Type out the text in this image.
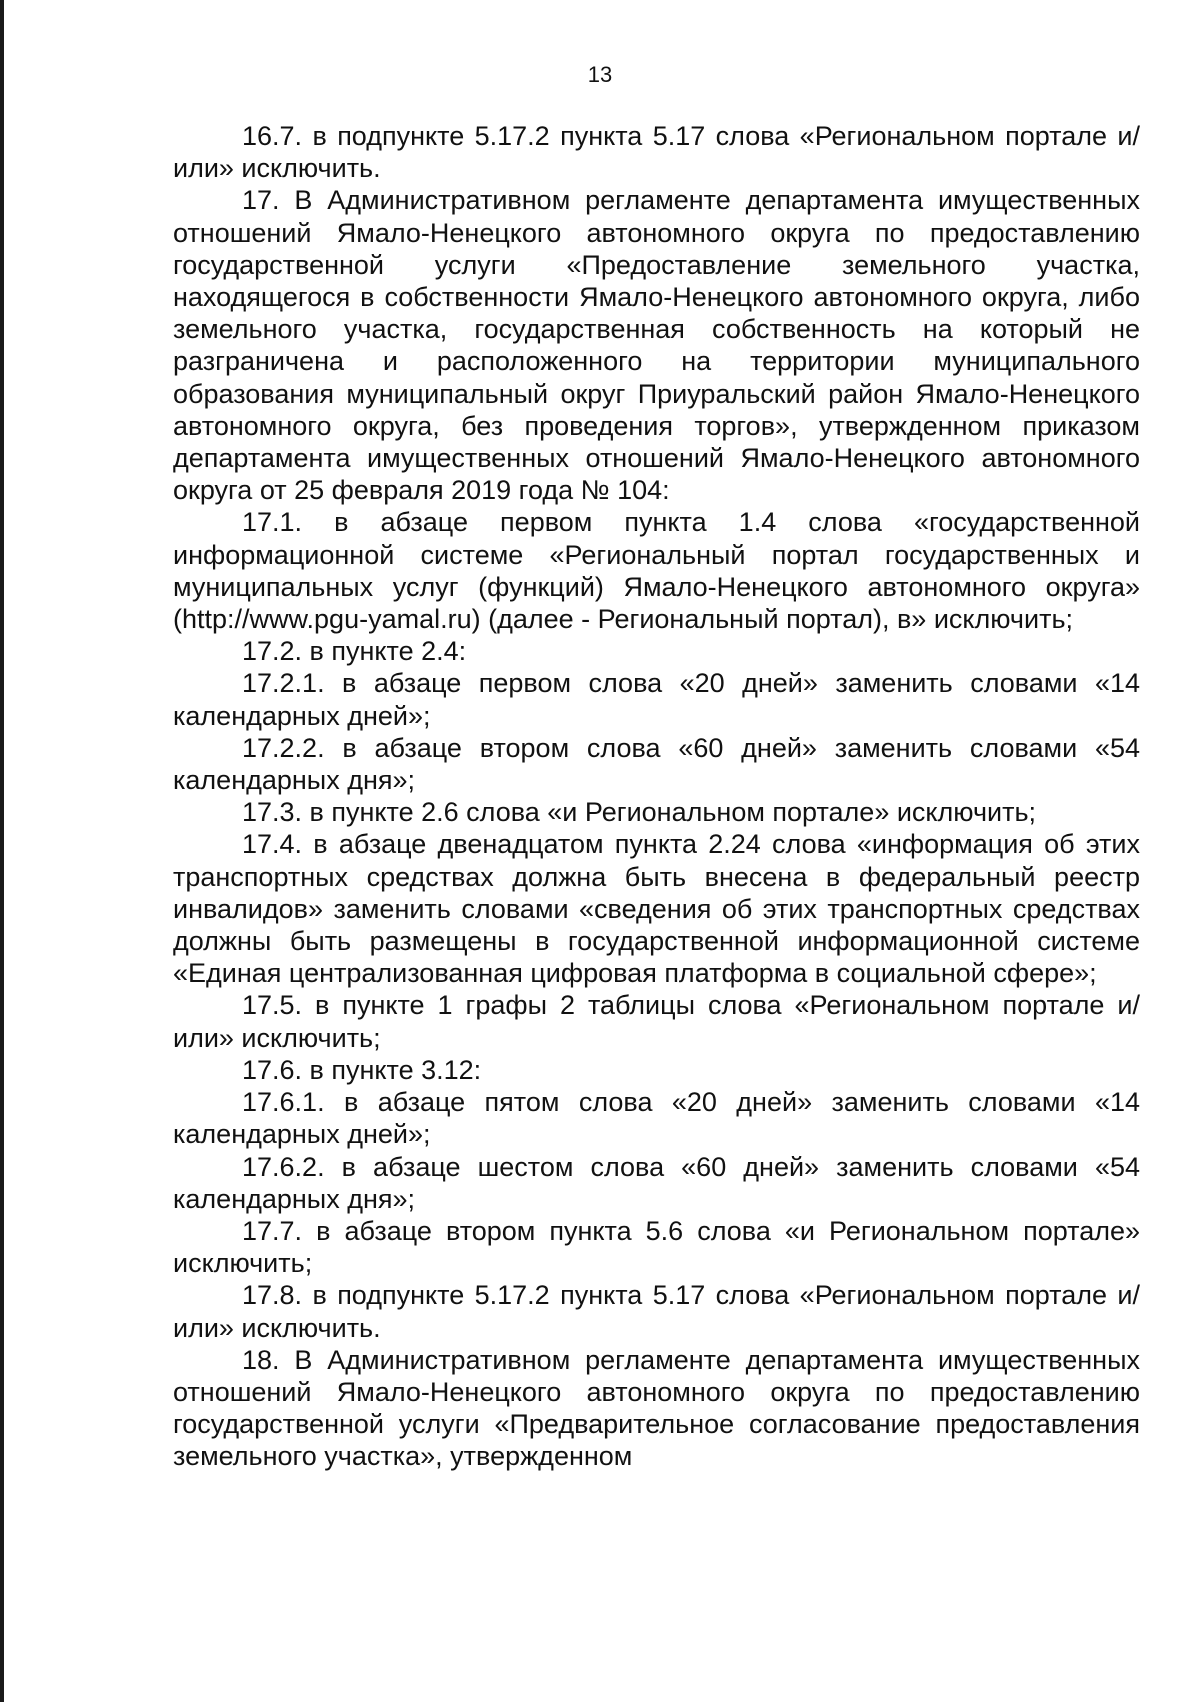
13

16.7. в подпункте 5.17.2 пункта 5.17 слова «Региональном портале и/или» исключить.

17. В Административном регламенте департамента имущественных отношений Ямало-Ненецкого автономного округа по предоставлению государственной услуги «Предоставление земельного участка, находящегося в собственности Ямало-Ненецкого автономного округа, либо земельного участка, государственная собственность на который не разграничена и расположенного на территории муниципального образования муниципальный округ Приуральский район Ямало-Ненецкого автономного округа, без проведения торгов», утвержденном приказом департамента имущественных отношений Ямало-Ненецкого автономного округа от 25 февраля 2019 года № 104:

17.1. в абзаце первом пункта 1.4 слова «государственной информационной системе «Региональный портал государственных и муниципальных услуг (функций) Ямало-Ненецкого автономного округа» (http://www.pgu-yamal.ru) (далее - Региональный портал), в» исключить;

17.2. в пункте 2.4:

17.2.1. в абзаце первом слова «20 дней» заменить словами «14 календарных дней»;

17.2.2. в абзаце втором слова «60 дней» заменить словами «54 календарных дня»;

17.3. в пункте 2.6 слова «и Региональном портале» исключить;

17.4. в абзаце двенадцатом пункта 2.24 слова «информация об этих транспортных средствах должна быть внесена в федеральный реестр инвалидов» заменить словами «сведения об этих транспортных средствах должны быть размещены в государственной информационной системе «Единая централизованная цифровая платформа в социальной сфере»;

17.5. в пункте 1 графы 2 таблицы слова «Региональном портале и/или» исключить;

17.6. в пункте 3.12:

17.6.1. в абзаце пятом слова «20 дней» заменить словами «14 календарных дней»;

17.6.2. в абзаце шестом слова «60 дней» заменить словами «54 календарных дня»;

17.7. в абзаце втором пункта 5.6 слова «и Региональном портале» исключить;

17.8. в подпункте 5.17.2 пункта 5.17 слова «Региональном портале и/или» исключить.

18. В Административном регламенте департамента имущественных отношений Ямало-Ненецкого автономного округа по предоставлению государственной услуги «Предварительное согласование предоставления земельного участка», утвержденном
